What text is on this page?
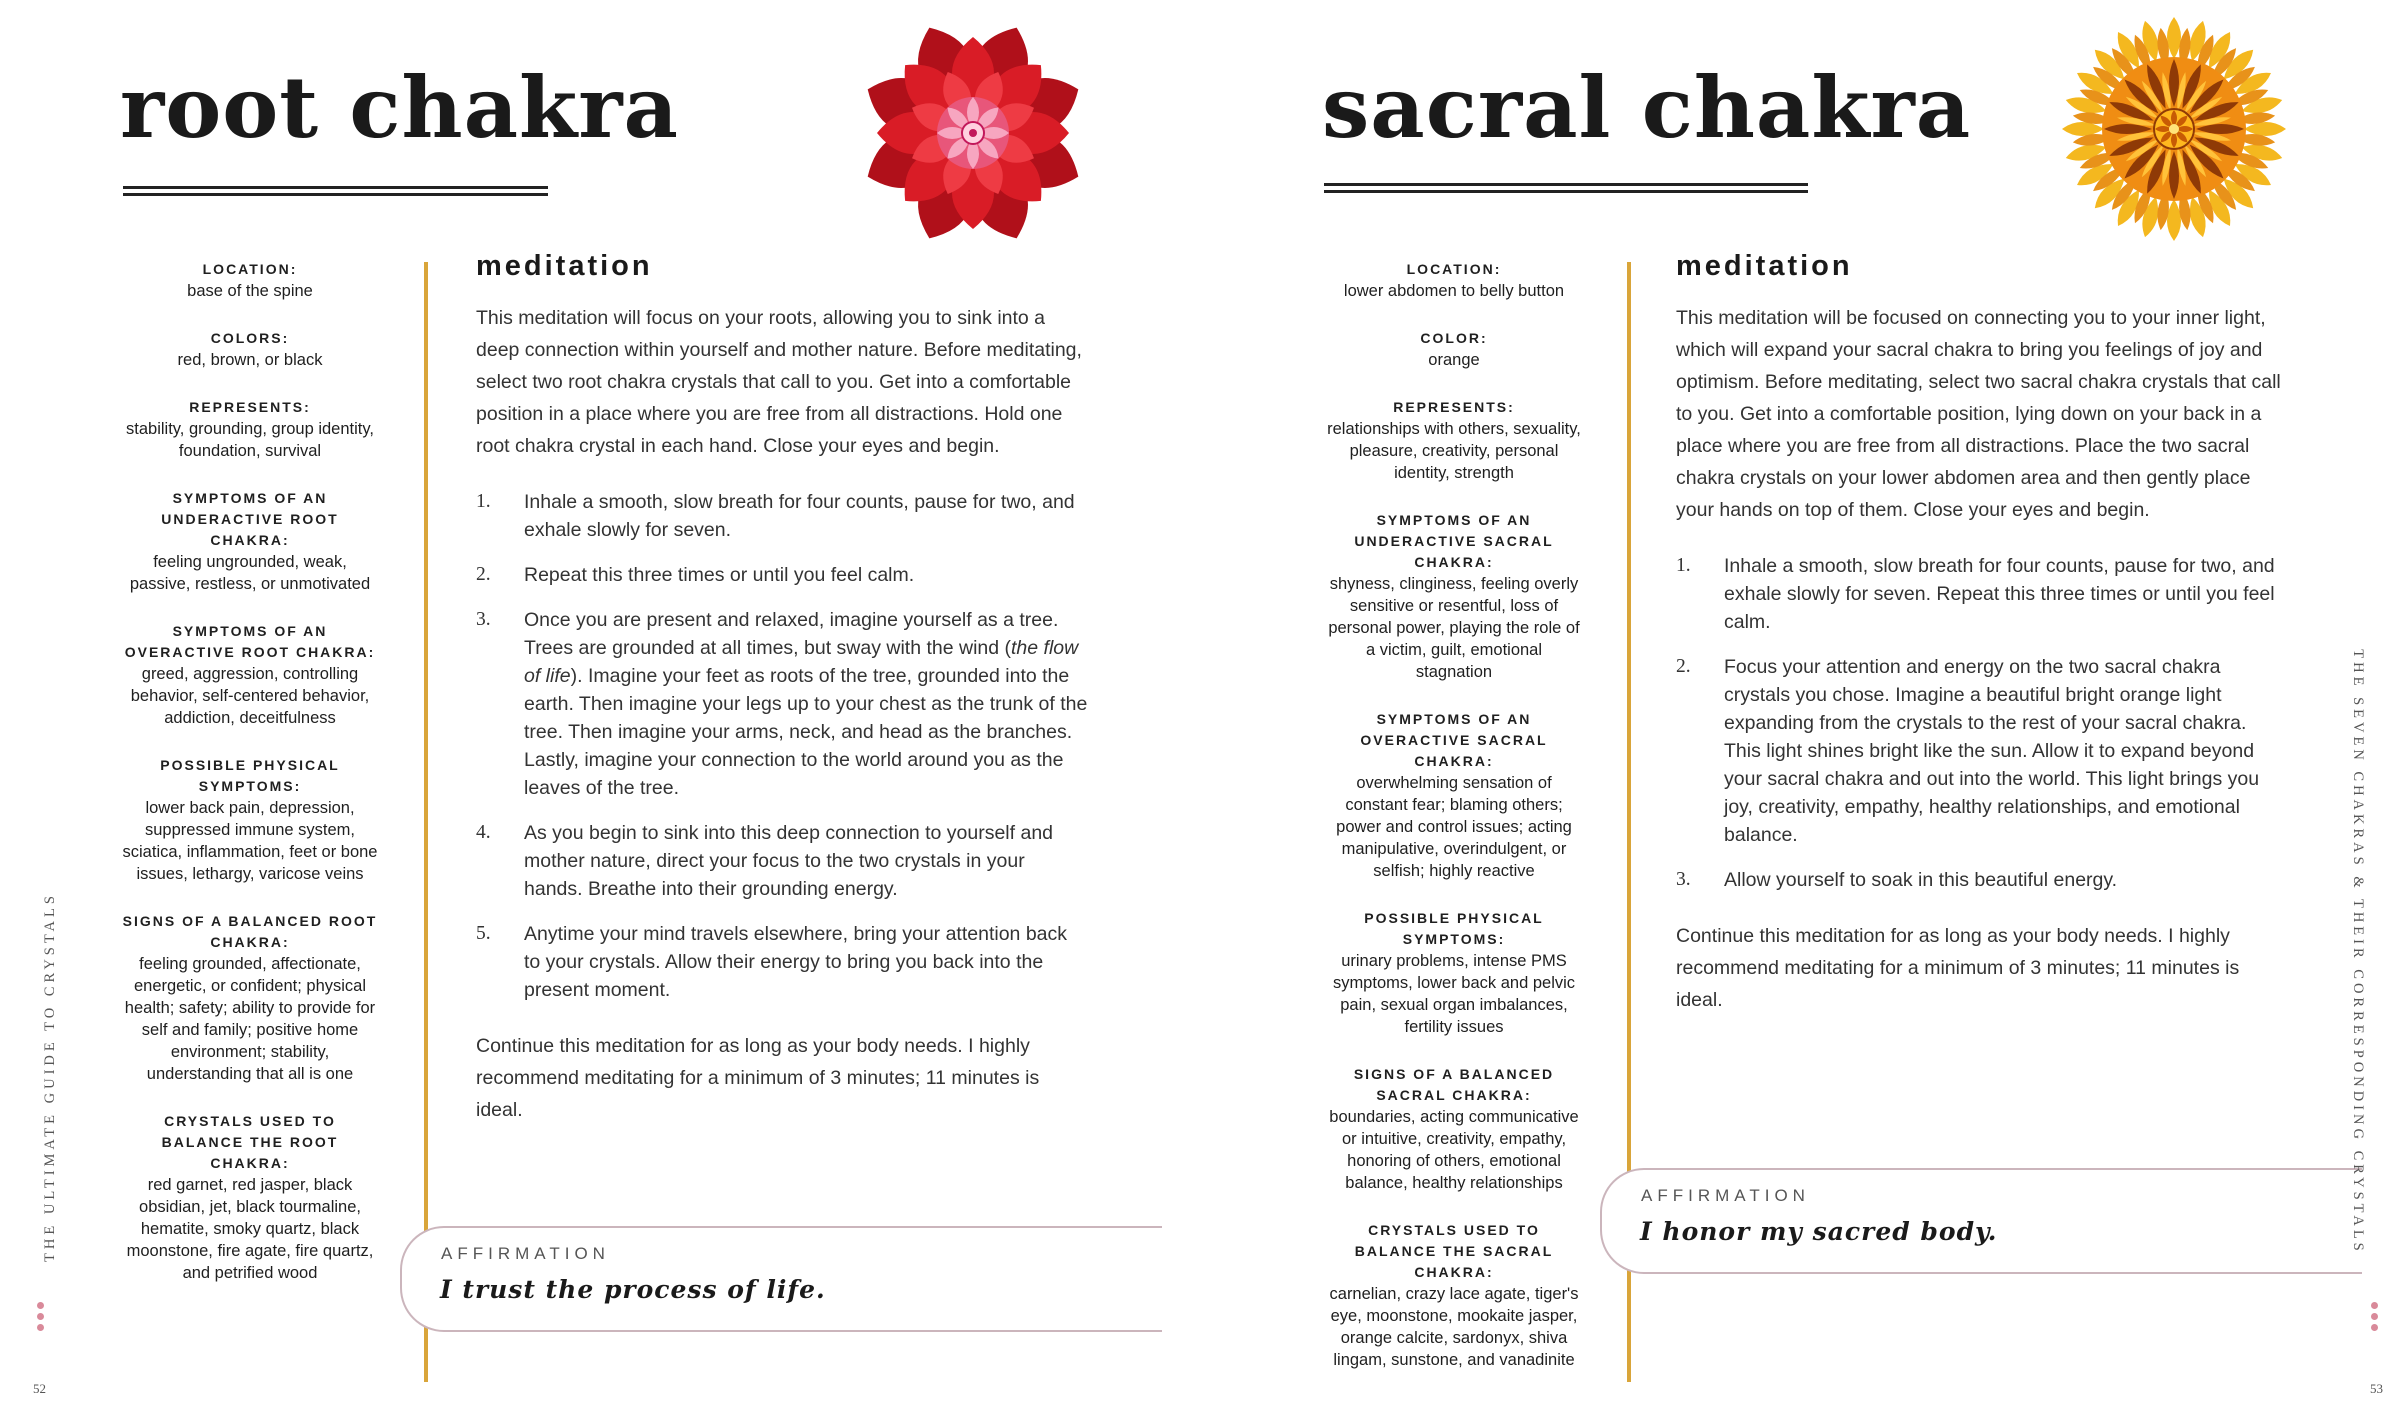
root chakra
LOCATION:
base of the spine
COLORS:
red, brown, or black
REPRESENTS:
stability, grounding, group identity, foundation, survival
SYMPTOMS OF AN UNDERACTIVE ROOT CHAKRA:
feeling ungrounded, weak, passive, restless, or unmotivated
SYMPTOMS OF AN OVERACTIVE ROOT CHAKRA:
greed, aggression, controlling behavior, self-centered behavior, addiction, deceitfulness
POSSIBLE PHYSICAL SYMPTOMS:
lower back pain, depression, suppressed immune system, sciatica, inflammation, feet or bone issues, lethargy, varicose veins
SIGNS OF A BALANCED ROOT CHAKRA:
feeling grounded, affectionate, energetic, or confident; physical health; safety; ability to provide for self and family; positive home environment; stability, understanding that all is one
CRYSTALS USED TO BALANCE THE ROOT CHAKRA:
red garnet, red jasper, black obsidian, jet, black tourmaline, hematite, smoky quartz, black moonstone, fire agate, fire quartz, and petrified wood
meditation

This meditation will focus on your roots, allowing you to sink into a deep connection within yourself and mother nature. Before meditating, select two root chakra crystals that call to you. Get into a comfortable position in a place where you are free from all distractions. Hold one root chakra crystal in each hand. Close your eyes and begin.

1. Inhale a smooth, slow breath for four counts, pause for two, and exhale slowly for seven.
2. Repeat this three times or until you feel calm.
3. Once you are present and relaxed, imagine yourself as a tree. Trees are grounded at all times, but sway with the wind (the flow of life). Imagine your feet as roots of the tree, grounded into the earth. Then imagine your legs up to your chest as the trunk of the tree. Then imagine your arms, neck, and head as the branches. Lastly, imagine your connection to the world around you as the leaves of the tree.
4. As you begin to sink into this deep connection to yourself and mother nature, direct your focus to the two crystals in your hands. Breathe into their grounding energy.
5. Anytime your mind travels elsewhere, bring your attention back to your crystals. Allow their energy to bring you back into the present moment.

Continue this meditation for as long as your body needs. I highly recommend meditating for a minimum of 3 minutes; 11 minutes is ideal.

AFFIRMATION
I trust the process of life.
THE ULTIMATE GUIDE TO CRYSTALS
52
sacral chakra
LOCATION:
lower abdomen to belly button
COLOR:
orange
REPRESENTS:
relationships with others, sexuality, pleasure, creativity, personal identity, strength
SYMPTOMS OF AN UNDERACTIVE SACRAL CHAKRA:
shyness, clinginess, feeling overly sensitive or resentful, loss of personal power, playing the role of a victim, guilt, emotional stagnation
SYMPTOMS OF AN OVERACTIVE SACRAL CHAKRA:
overwhelming sensation of constant fear; blaming others; power and control issues; acting manipulative, overindulgent, or selfish; highly reactive
POSSIBLE PHYSICAL SYMPTOMS:
urinary problems, intense PMS symptoms, lower back and pelvic pain, sexual organ imbalances, fertility issues
SIGNS OF A BALANCED SACRAL CHAKRA:
boundaries, acting communicative or intuitive, creativity, empathy, honoring of others, emotional balance, healthy relationships
CRYSTALS USED TO BALANCE THE SACRAL CHAKRA:
carnelian, crazy lace agate, tiger's eye, moonstone, mookaite jasper, orange calcite, sardonyx, shiva lingam, sunstone, and vanadinite
meditation

This meditation will be focused on connecting you to your inner light, which will expand your sacral chakra to bring you feelings of joy and optimism. Before meditating, select two sacral chakra crystals that call to you. Get into a comfortable position, lying down on your back in a place where you are free from all distractions. Place the two sacral chakra crystals on your lower abdomen area and then gently place your hands on top of them. Close your eyes and begin.

1. Inhale a smooth, slow breath for four counts, pause for two, and exhale slowly for seven. Repeat this three times or until you feel calm.
2. Focus your attention and energy on the two sacral chakra crystals you chose. Imagine a beautiful bright orange light expanding from the crystals to the rest of your sacral chakra. This light shines bright like the sun. Allow it to expand beyond your sacral chakra and out into the world. This light brings you joy, creativity, empathy, healthy relationships, and emotional balance.
3. Allow yourself to soak in this beautiful energy.

Continue this meditation for as long as your body needs. I highly recommend meditating for a minimum of 3 minutes; 11 minutes is ideal.

AFFIRMATION
I honor my sacred body.	THE SEVEN CHAKRAS & THEIR CORRESPONDING CRYSTALS
53
